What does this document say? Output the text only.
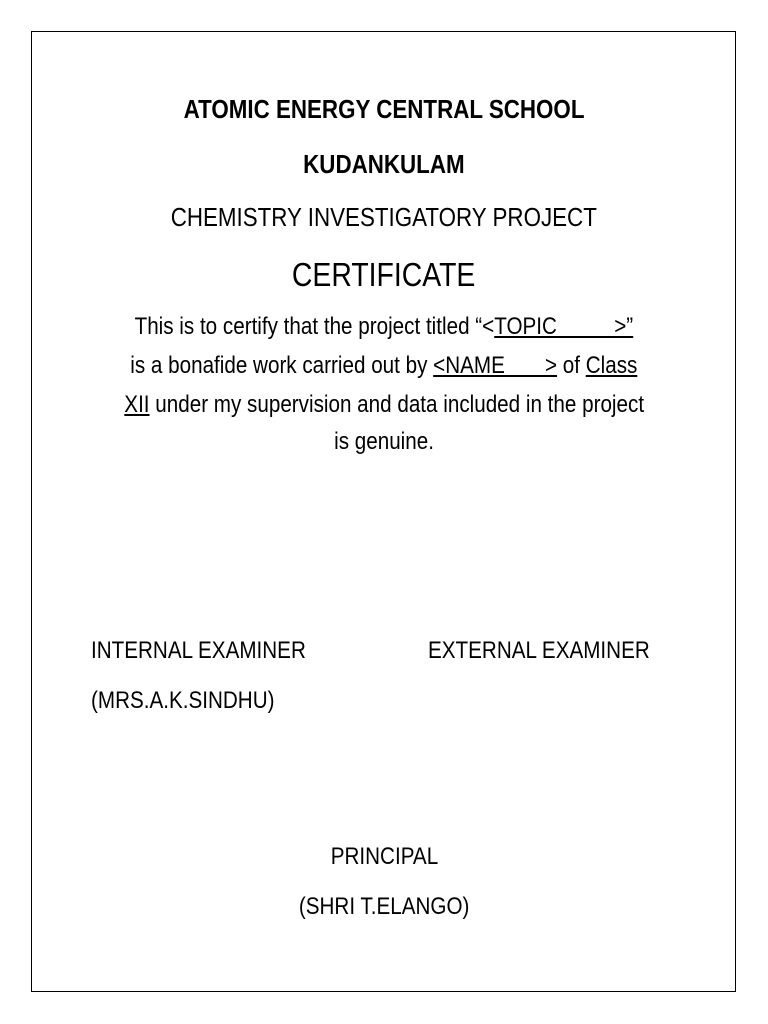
ATOMIC ENERGY CENTRAL SCHOOL
KUDANKULAM
CHEMISTRY INVESTIGATORY PROJECT
CERTIFICATE
This is to certify that the project titled “<TOPIC          >”
is a bonafide work carried out by <NAME       > of Class
XII under my supervision and data included in the project
is genuine.
INTERNAL EXAMINER
(MRS.A.K.SINDHU)
EXTERNAL EXAMINER
PRINCIPAL
(SHRI T.ELANGO)
